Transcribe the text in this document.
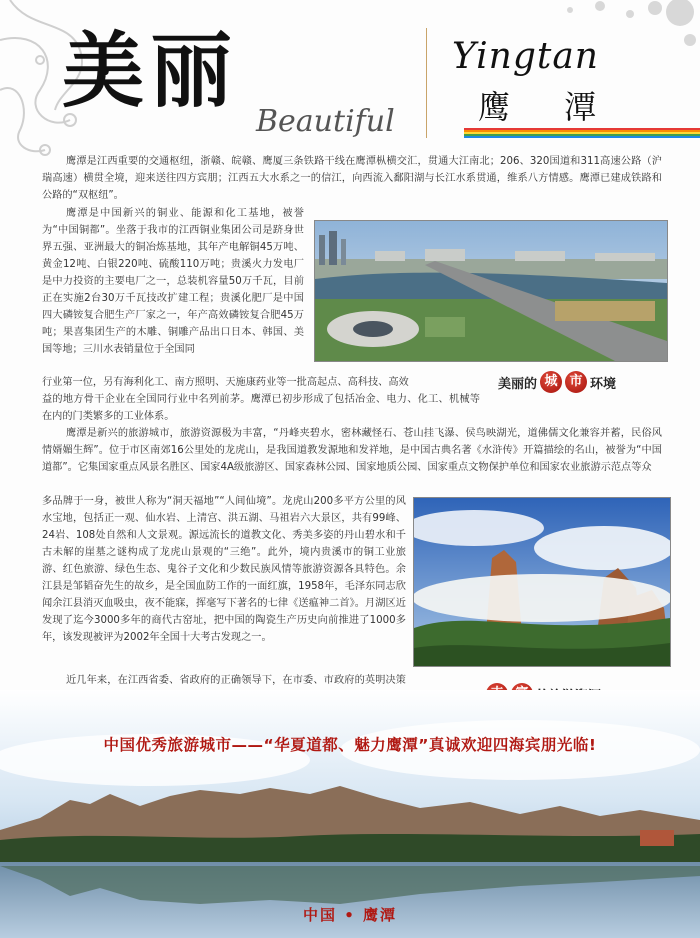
美丽
Beautiful
Yingtan
鹰 潭

鹰潭是江西重要的交通枢纽，浙赣、皖赣、鹰厦三条铁路干线在鹰潭枞横交汇，贯通大江南北；206、320国道和311高速公路（沪瑞高速）横贯全境，迎来送往四方宾朋；江西五大水系之一的信江，向西流入鄱阳湖与长江水系贯通，维系八方情感。鹰潭已建成铁路和公路的“双枢纽”。

鹰潭是中国新兴的铜业、能源和化工基地，被誉为“中国铜都”。坐落于我市的江西铜业集团公司是跻身世界五强、亚洲最大的铜冶炼基地，其年产电解铜45万吨、黄金12吨、白银220吨、硫酸110万吨；贵溪火力发电厂是中力投资的主要电厂之一，总装机容量50万千瓦，目前正在实施2台30万千瓦技改扩建工程；贵溪化肥厂是中国四大磷铵复合肥生产厂家之一，年产高效磷铵复合肥45万吨；果喜集团生产的木雕、铜雕产品出口日本、韩国、美国等地；三川水表销量位于全国同

行业第一位，另有海利化工、南方照明、天施康药业等一批高起点、高科技、高效

益的地方骨干企业在全国同行业中名列前茅。鹰潭已初步形成了包括冶金、电力、化工、机械等在内的门类繁多的工业体系。

鹰潭是新兴的旅游城市，旅游资源极为丰富，“丹峰夹碧水，密林藏怪石、苍山挂飞瀑、侯鸟映湖光，道佛儒文化兼容并蓄，民俗风情婿媚生辉”。位于市区南郊16公里处的龙虎山，是我国道教发源地和发祥地，是中国古典名著《水浒传》开篇描绘的名山，被誉为“中国道都”。它集国家重点风景名胜区、国家4A级旅游区、国家森林公园、国家地质公园、国家重点文物保护单位和国家农业旅游示范点等众

多品牌于一身，被世人称为“洞天福地”“人间仙境”。龙虎山200多平方公里的风水宝地，包括正一观、仙水岩、上清宫、洪五湖、马祖岩六大景区，共有99峰、24岩、108处自然和人文景观。源远流长的道教文化、秀美多姿的丹山碧水和千古未解的崖墓之谜构成了龙虎山景观的“三绝”。此外，境内贵溪市的铜工业旅游、红色旅游、绿色生态、鬼谷子文化和少数民族风情等旅游资源各具特色。余江县是邹韬奋先生的故乡，是全国血防工作的一面红旗，1958年，毛泽东同志欣闻余江县消灭血吸虫，夜不能寐，挥毫写下著名的七律《送瘟神二首》。月湖区近发现了迄今3000多年的商代古窑址，把中国的陶瓷生产历史向前推进了1000多年，该发现被评为2002年全国十大考古发现之一。

近几年来，在江西省委、省政府的正确领导下，在市委、市政府的英明决策

美丽的 城 市 环境
中国优秀旅游城市——“华夏道都、魅力鹰潭”真诚欢迎四海宾朋光临!
中国 • 鹰潭
